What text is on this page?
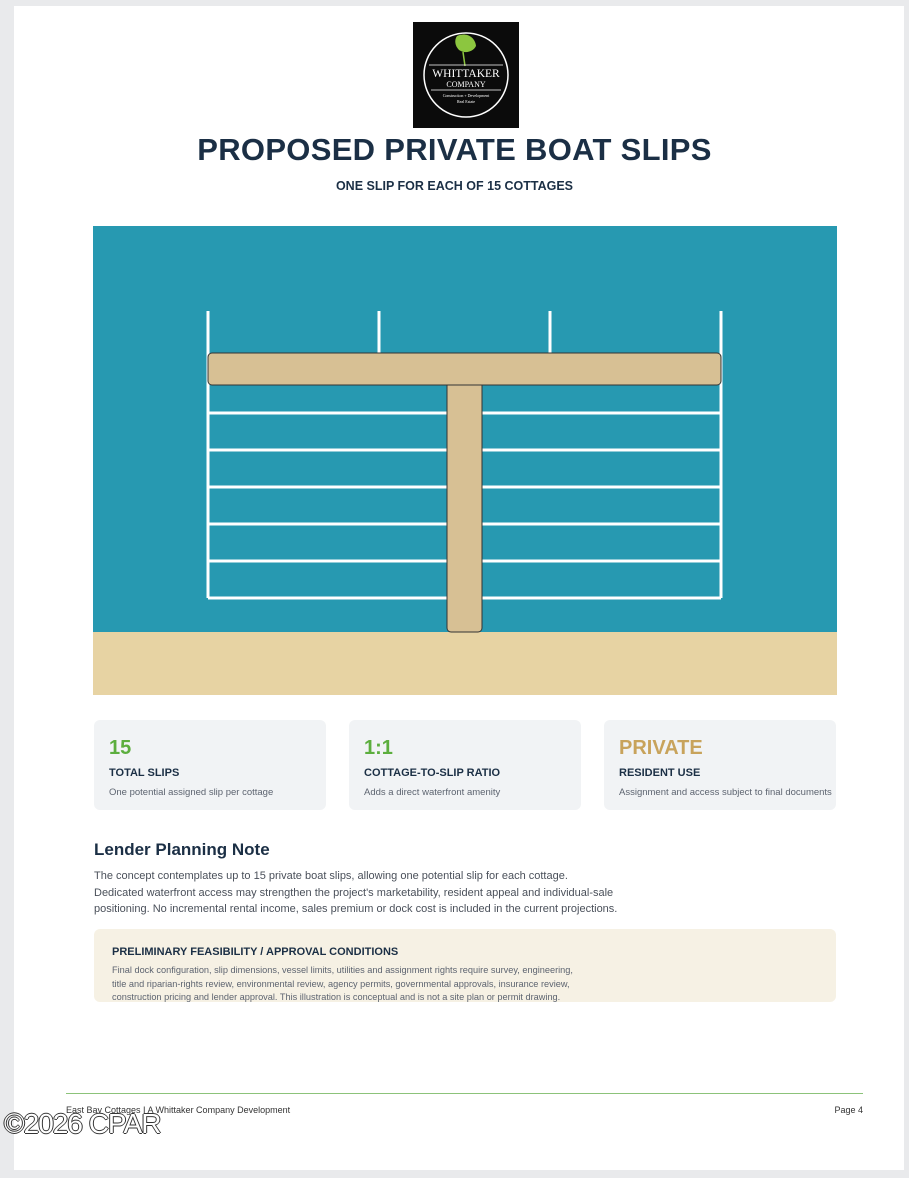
WHITTAKER
COMPANY
Construction + Development
Real Estate
PROPOSED PRIVATE BOAT SLIPS
ONE SLIP FOR EACH OF 15 COTTAGES
15
TOTAL SLIPS
One potential assigned slip per cottage
1:1
COTTAGE-TO-SLIP RATIO
Adds a direct waterfront amenity
PRIVATE
RESIDENT USE
Assignment and access subject to final documents
Lender Planning Note
The concept contemplates up to 15 private boat slips, allowing one potential slip for each cottage.
Dedicated waterfront access may strengthen the project's marketability, resident appeal and individual-sale
positioning. No incremental rental income, sales premium or dock cost is included in the current projections.
PRELIMINARY FEASIBILITY / APPROVAL CONDITIONS
Final dock configuration, slip dimensions, vessel limits, utilities and assignment rights require survey, engineering,
title and riparian-rights review, environmental review, agency permits, governmental approvals, insurance review,
construction pricing and lender approval. This illustration is conceptual and is not a site plan or permit drawing.
East Bay Cottages I A Whittaker Company Development	Page 4
©2026 CPAR
